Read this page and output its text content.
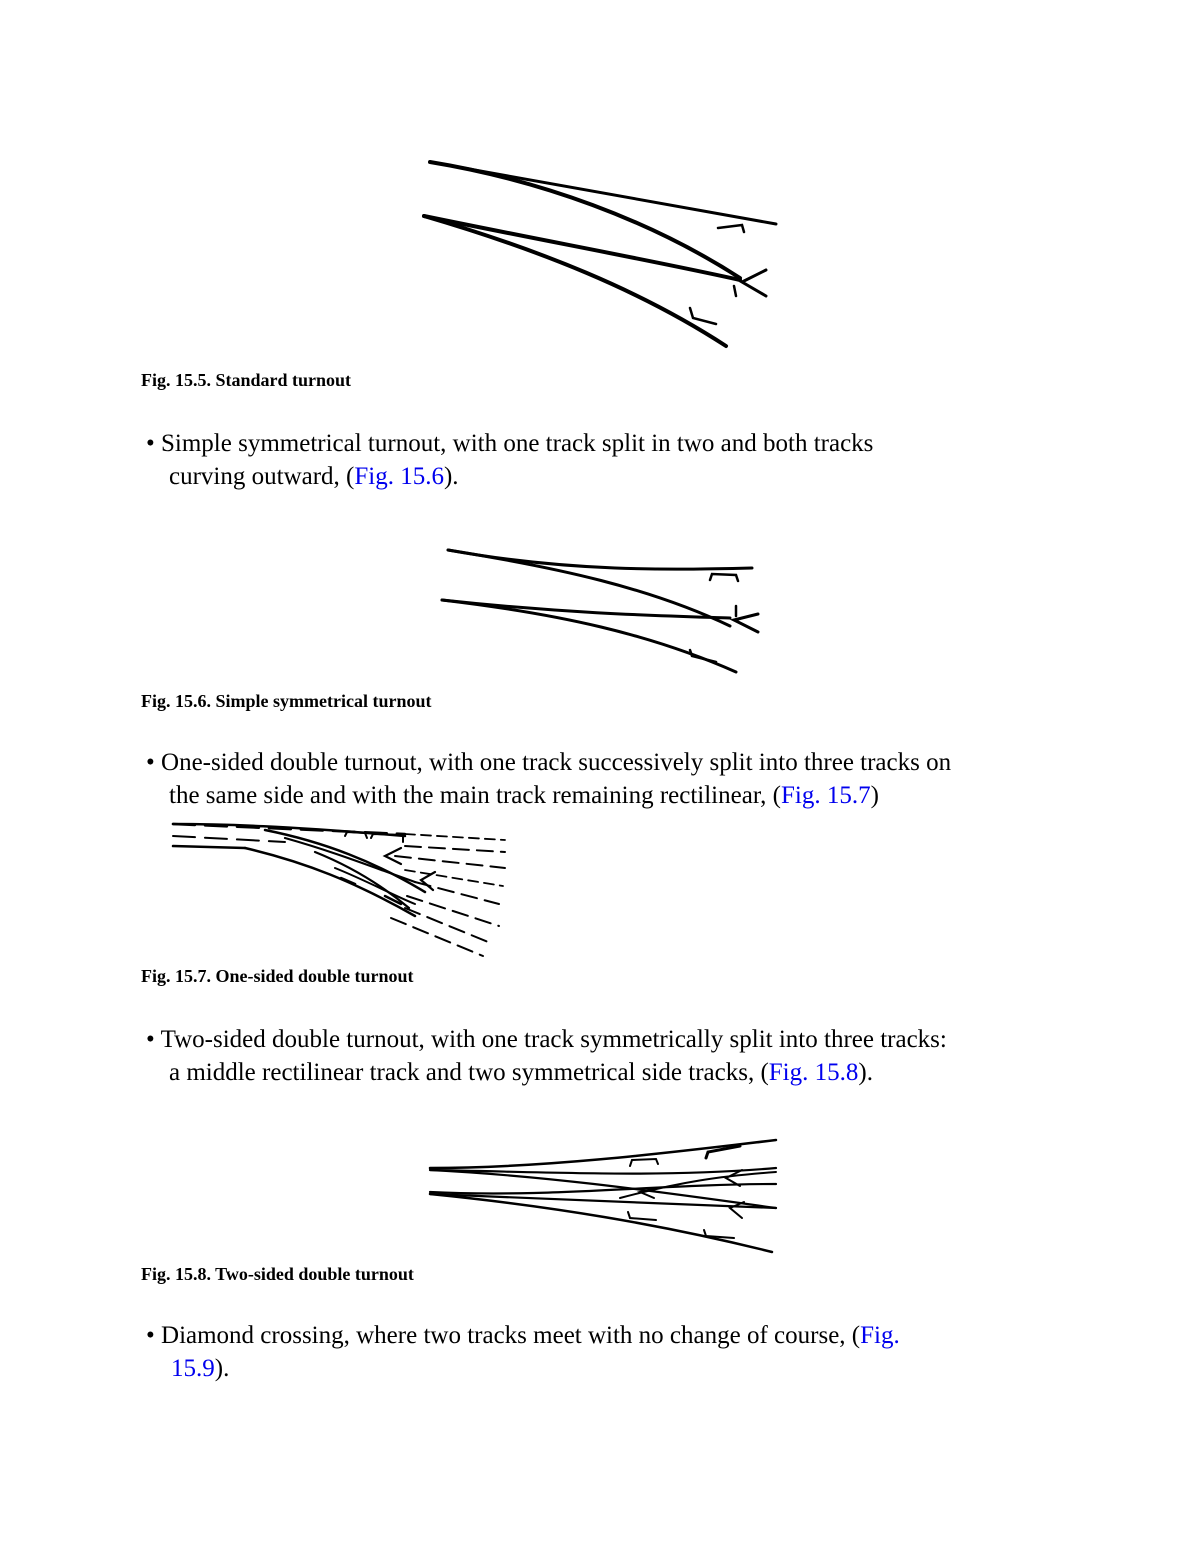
Fig. 15.5. Standard turnout
• Simple symmetrical turnout, with one track split in two and both tracks
curving outward, (Fig. 15.6).
Fig. 15.6. Simple symmetrical turnout
• One-sided double turnout, with one track successively split into three tracks on
the same side and with the main track remaining rectilinear, (Fig. 15.7)
Fig. 15.7. One-sided double turnout
• Two-sided double turnout, with one track symmetrically split into three tracks:
a middle rectilinear track and two symmetrical side tracks, (Fig. 15.8).
Fig. 15.8. Two-sided double turnout
• Diamond crossing, where two tracks meet with no change of course, (Fig.
15.9).
